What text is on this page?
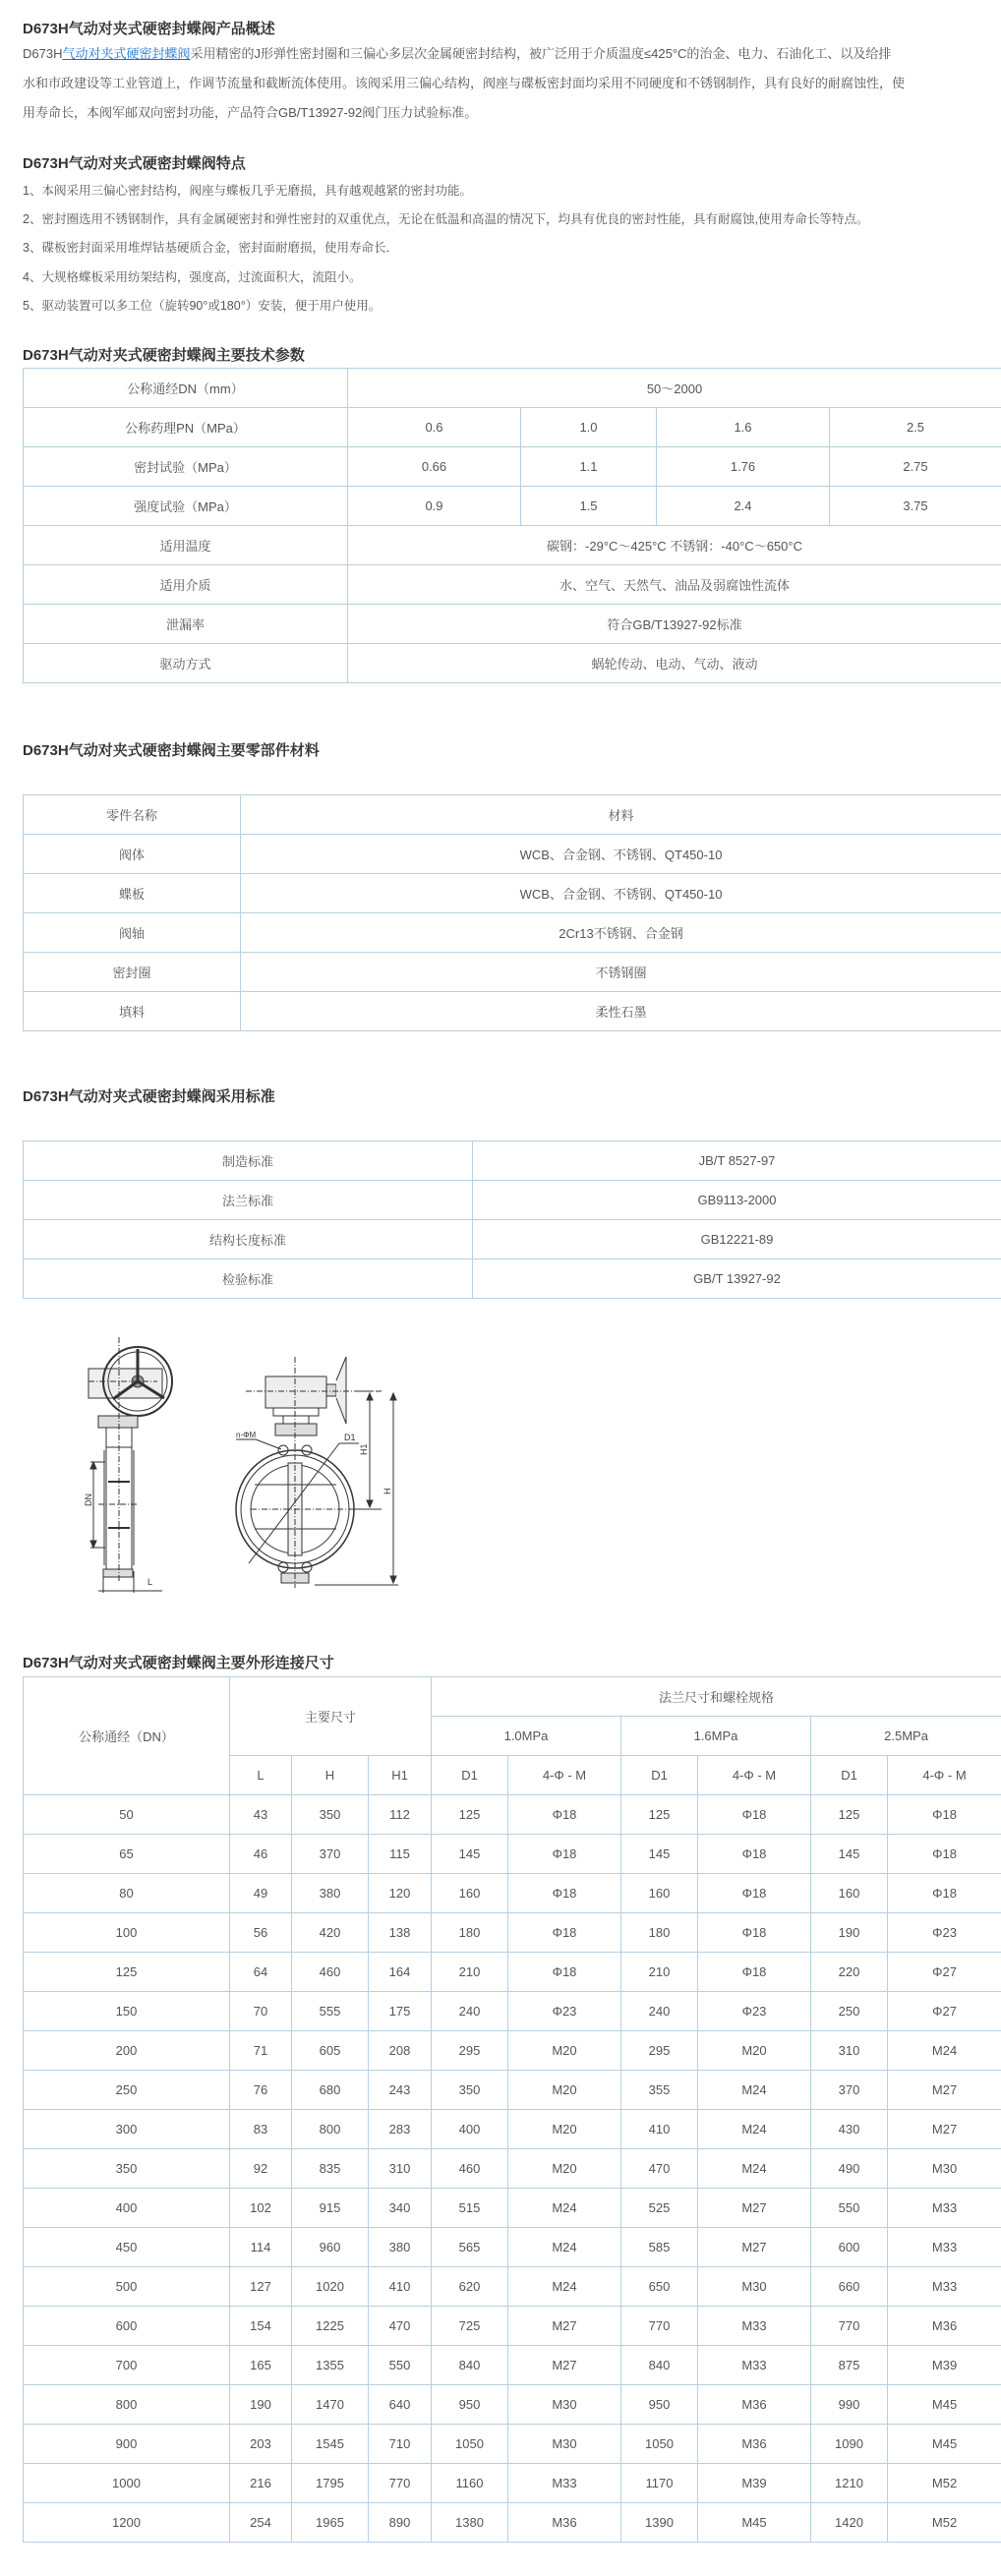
D673H气动对夹式硬密封蝶阀产品概述
D673H气动对夹式硬密封蝶阀采用精密的J形弹性密封圈和三偏心多层次金属硬密封结构，被广泛用于介质温度≤425°C的治金、电力、石油化工、以及给排
水和市政建设等工业管道上，作调节流量和截断流体使用。该阀采用三偏心结构，阀座与碟板密封面均采用不同硬度和不锈钢制作，具有良好的耐腐蚀性，使
用寿命长，本阀军邮双向密封功能，产品符合GB/T13927-92阀门压力试验标准。
D673H气动对夹式硬密封蝶阀特点
1、本阀采用三偏心密封结构，阀座与蝶板几乎无磨损，具有越观越紧的密封功能。
2、密封圈选用不锈钢制作，具有金属硬密封和弹性密封的双重优点，无论在低温和高温的情况下，均具有优良的密封性能，具有耐腐蚀,使用寿命长等特点。
3、碟板密封面采用堆焊钴基硬质合金，密封面耐磨损，使用寿命长．
4、大规格蝶板采用纺架结构，强度高，过流面积大，流阻小。
5、驱动装置可以多工位（旋转90°或180°）安装，便于用户使用。
D673H气动对夹式硬密封蝶阀主要技术参数
公称通经DN（mm）	50～2000			
公称药理PN（MPa）	0.6	1.0	1.6	2.5
密封试验（MPa）	0.66	1.1	1.76	2.75
强度试验（MPa）	0.9	1.5	2.4	3.75
适用温度	碳钢：-29°C～425°C 不锈钢：-40°C～650°C			
适用介质	水、空气、天然气、油品及弱腐蚀性流体			
泄漏率	符合GB/T13927-92标准			
驱动方式	蜗轮传动、电动、气动、液动			
D673H气动对夹式硬密封蝶阀主要零部件材料
零件名称	材料
阀体	WCB、合金钢、不锈钢、QT450-10
蝶板	WCB、合金钢、不锈钢、QT450-10
阀轴	2Cr13不锈钢、合金钢
密封圈	不锈钢圈
填料	柔性石墨
D673H气动对夹式硬密封蝶阀采用标准
制造标准	JB/T 8527-97
法兰标准	GB9113-2000
结构长度标准	GB12221-89
检验标准	GB/T 13927-92
DN
L
n-ΦM	D1
H1
H
D673H气动对夹式硬密封蝶阀主要外形连接尺寸
公称通经（DN）	主要尺寸			法兰尺寸和螺栓规格					
				1.0MPa		1.6MPa		2.5MPa	
	L	H	H1	D1	4-Φ - M	D1	4-Φ - M	D1	4-Φ - M
50	43	350	112	125	Φ18	125	Φ18	125	Φ18
65	46	370	115	145	Φ18	145	Φ18	145	Φ18
80	49	380	120	160	Φ18	160	Φ18	160	Φ18
100	56	420	138	180	Φ18	180	Φ18	190	Φ23
125	64	460	164	210	Φ18	210	Φ18	220	Φ27
150	70	555	175	240	Φ23	240	Φ23	250	Φ27
200	71	605	208	295	M20	295	M20	310	M24
250	76	680	243	350	M20	355	M24	370	M27
300	83	800	283	400	M20	410	M24	430	M27
350	92	835	310	460	M20	470	M24	490	M30
400	102	915	340	515	M24	525	M27	550	M33
450	114	960	380	565	M24	585	M27	600	M33
500	127	1020	410	620	M24	650	M30	660	M33
600	154	1225	470	725	M27	770	M33	770	M36
700	165	1355	550	840	M27	840	M33	875	M39
800	190	1470	640	950	M30	950	M36	990	M45
900	203	1545	710	1050	M30	1050	M36	1090	M45
1000	216	1795	770	1160	M33	1170	M39	1210	M52
1200	254	1965	890	1380	M36	1390	M45	1420	M52
